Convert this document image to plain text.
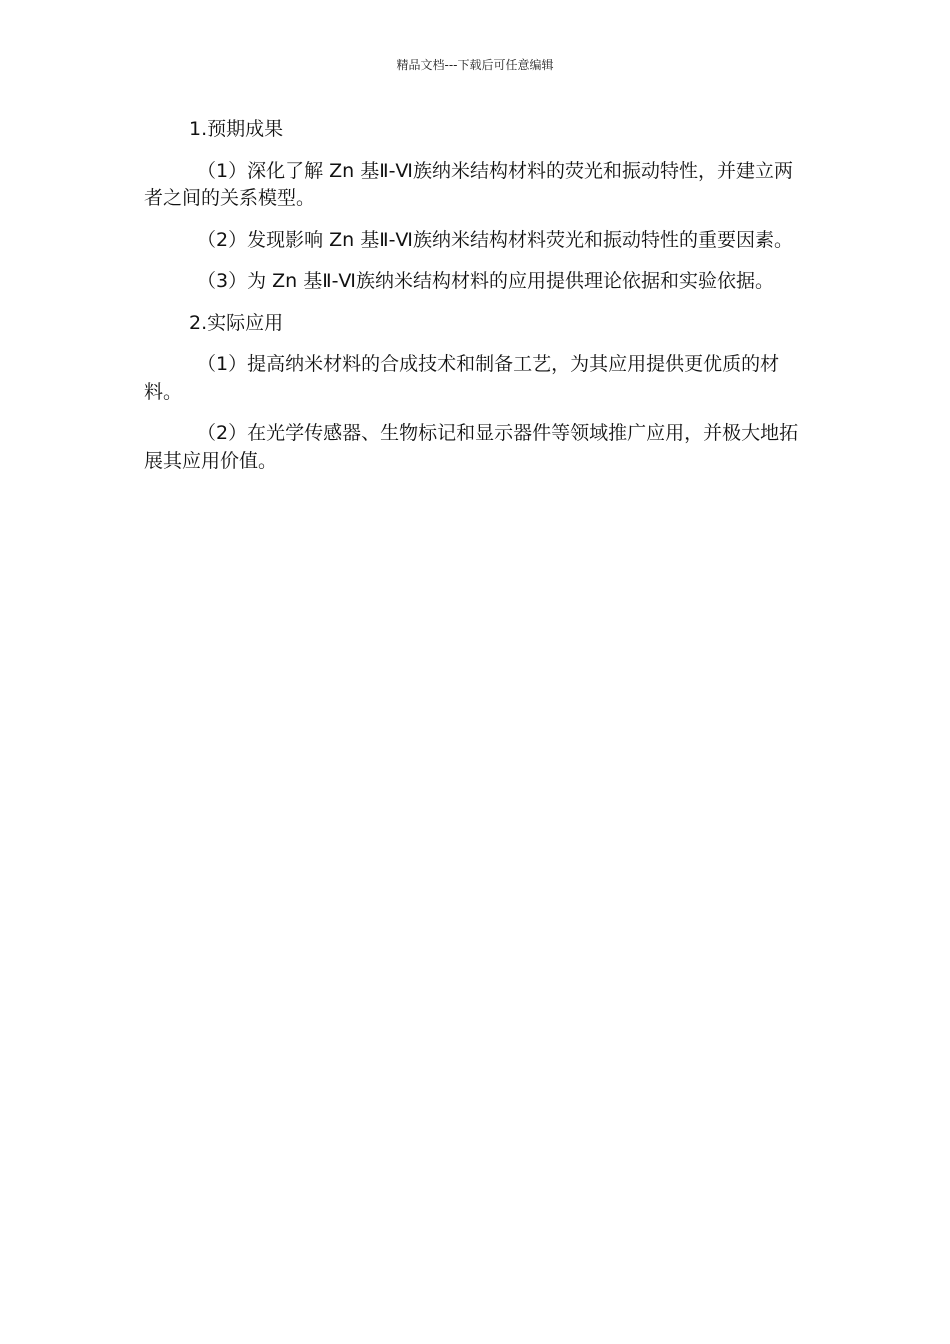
精品文档---下载后可任意编辑
1.预期成果
（1）深化了解 Zn 基Ⅱ-Ⅵ族纳米结构材料的荧光和振动特性，并建立两者之间的关系模型。
（2）发现影响 Zn 基Ⅱ-Ⅵ族纳米结构材料荧光和振动特性的重要因素。
（3）为 Zn 基Ⅱ-Ⅵ族纳米结构材料的应用提供理论依据和实验依据。
2.实际应用
（1）提高纳米材料的合成技术和制备工艺，为其应用提供更优质的材料。
（2）在光学传感器、生物标记和显示器件等领域推广应用，并极大地拓展其应用价值。
